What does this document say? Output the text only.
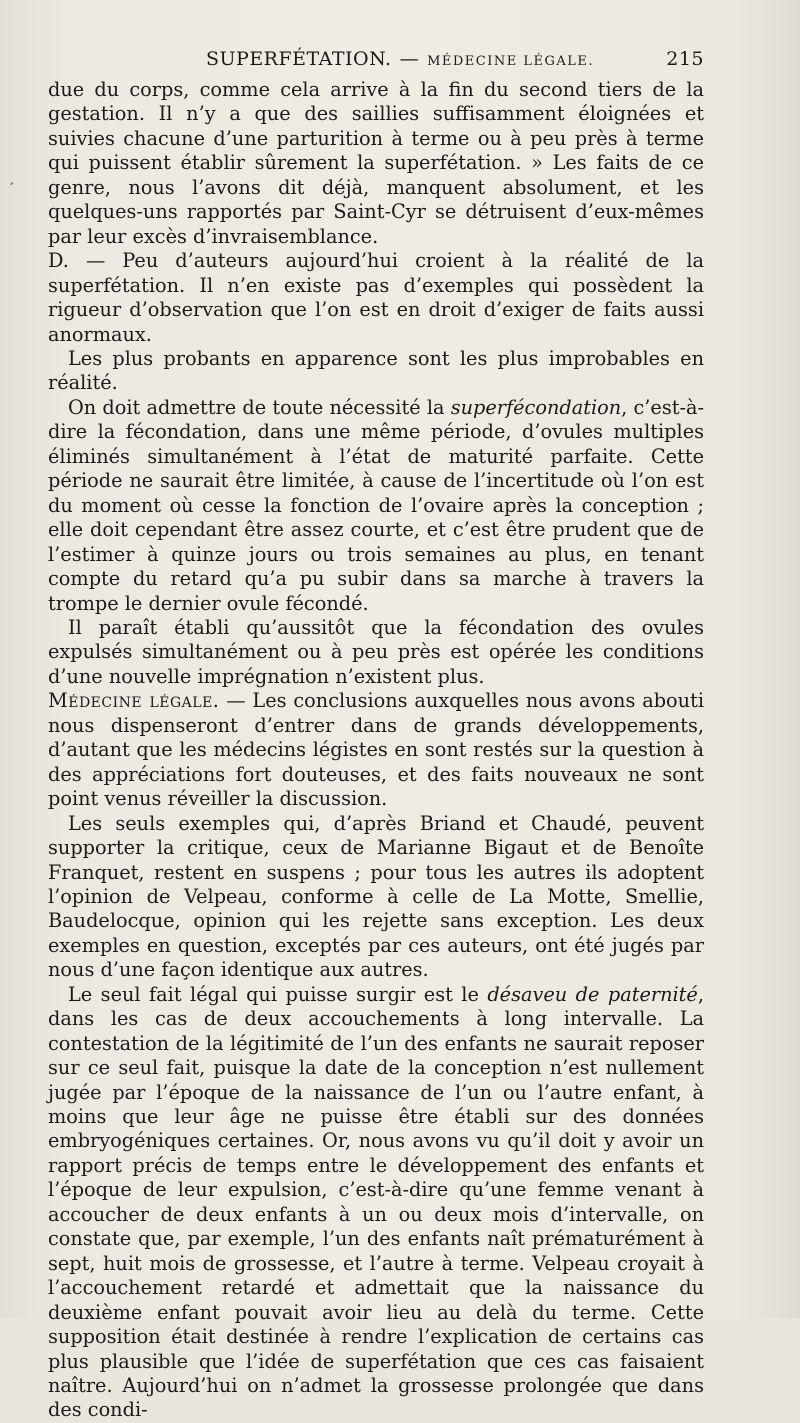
¸
SUPERFÉTATION. — MÉDECINE LÉGALE.	215

due du corps, comme cela arrive à la fin du second tiers de la gestation. Il n’y a que des saillies suffisamment éloignées et suivies chacune d’une parturition à terme ou à peu près à terme qui puissent établir sûrement la superfétation. » Les faits de ce genre, nous l’avons dit déjà, manquent absolument, et les quelques-uns rapportés par Saint-Cyr se détruisent d’eux-mêmes par leur excès d’invraisemblance.

D. — Peu d’auteurs aujourd’hui croient à la réalité de la superfétation. Il n’en existe pas d’exemples qui possèdent la rigueur d’observation que l’on est en droit d’exiger de faits aussi anormaux.

Les plus probants en apparence sont les plus improbables en réalité.

On doit admettre de toute nécessité la superfécondation, c’est-à-dire la fécondation, dans une même période, d’ovules multiples éliminés simultanément à l’état de maturité parfaite. Cette période ne saurait être limitée, à cause de l’incertitude où l’on est du moment où cesse la fonction de l’ovaire après la conception ; elle doit cependant être assez courte, et c’est être prudent que de l’estimer à quinze jours ou trois semaines au plus, en tenant compte du retard qu’a pu subir dans sa marche à travers la trompe le dernier ovule fécondé.

Il paraît établi qu’aussitôt que la fécondation des ovules expulsés simultanément ou à peu près est opérée les conditions d’une nouvelle imprégnation n’existent plus.

Médecine légale. — Les conclusions auxquelles nous avons abouti nous dispenseront d’entrer dans de grands développements, d’autant que les médecins légistes en sont restés sur la question à des appréciations fort douteuses, et des faits nouveaux ne sont point venus réveiller la discussion.

Les seuls exemples qui, d’après Briand et Chaudé, peuvent supporter la critique, ceux de Marianne Bigaut et de Benoîte Franquet, restent en suspens ; pour tous les autres ils adoptent l’opinion de Velpeau, conforme à celle de La Motte, Smellie, Baudelocque, opinion qui les rejette sans exception. Les deux exemples en question, exceptés par ces auteurs, ont été jugés par nous d’une façon identique aux autres.

Le seul fait légal qui puisse surgir est le désaveu de paternité, dans les cas de deux accouchements à long intervalle. La contestation de la légitimité de l’un des enfants ne saurait reposer sur ce seul fait, puisque la date de la conception n’est nullement jugée par l’époque de la naissance de l’un ou l’autre enfant, à moins que leur âge ne puisse être établi sur des données embryogéniques certaines. Or, nous avons vu qu’il doit y avoir un rapport précis de temps entre le développement des enfants et l’époque de leur expulsion, c’est-à-dire qu’une femme venant à accoucher de deux enfants à un ou deux mois d’intervalle, on constate que, par exemple, l’un des enfants naît prématurément à sept, huit mois de grossesse, et l’autre à terme. Velpeau croyait à l’accouchement retardé et admettait que la naissance du deuxième enfant pouvait avoir lieu au delà du terme. Cette supposition était destinée à rendre l’explication de certains cas plus plausible que l’idée de superfétation que ces cas faisaient naître. Aujourd’hui on n’admet la grossesse prolongée que dans des condi-
